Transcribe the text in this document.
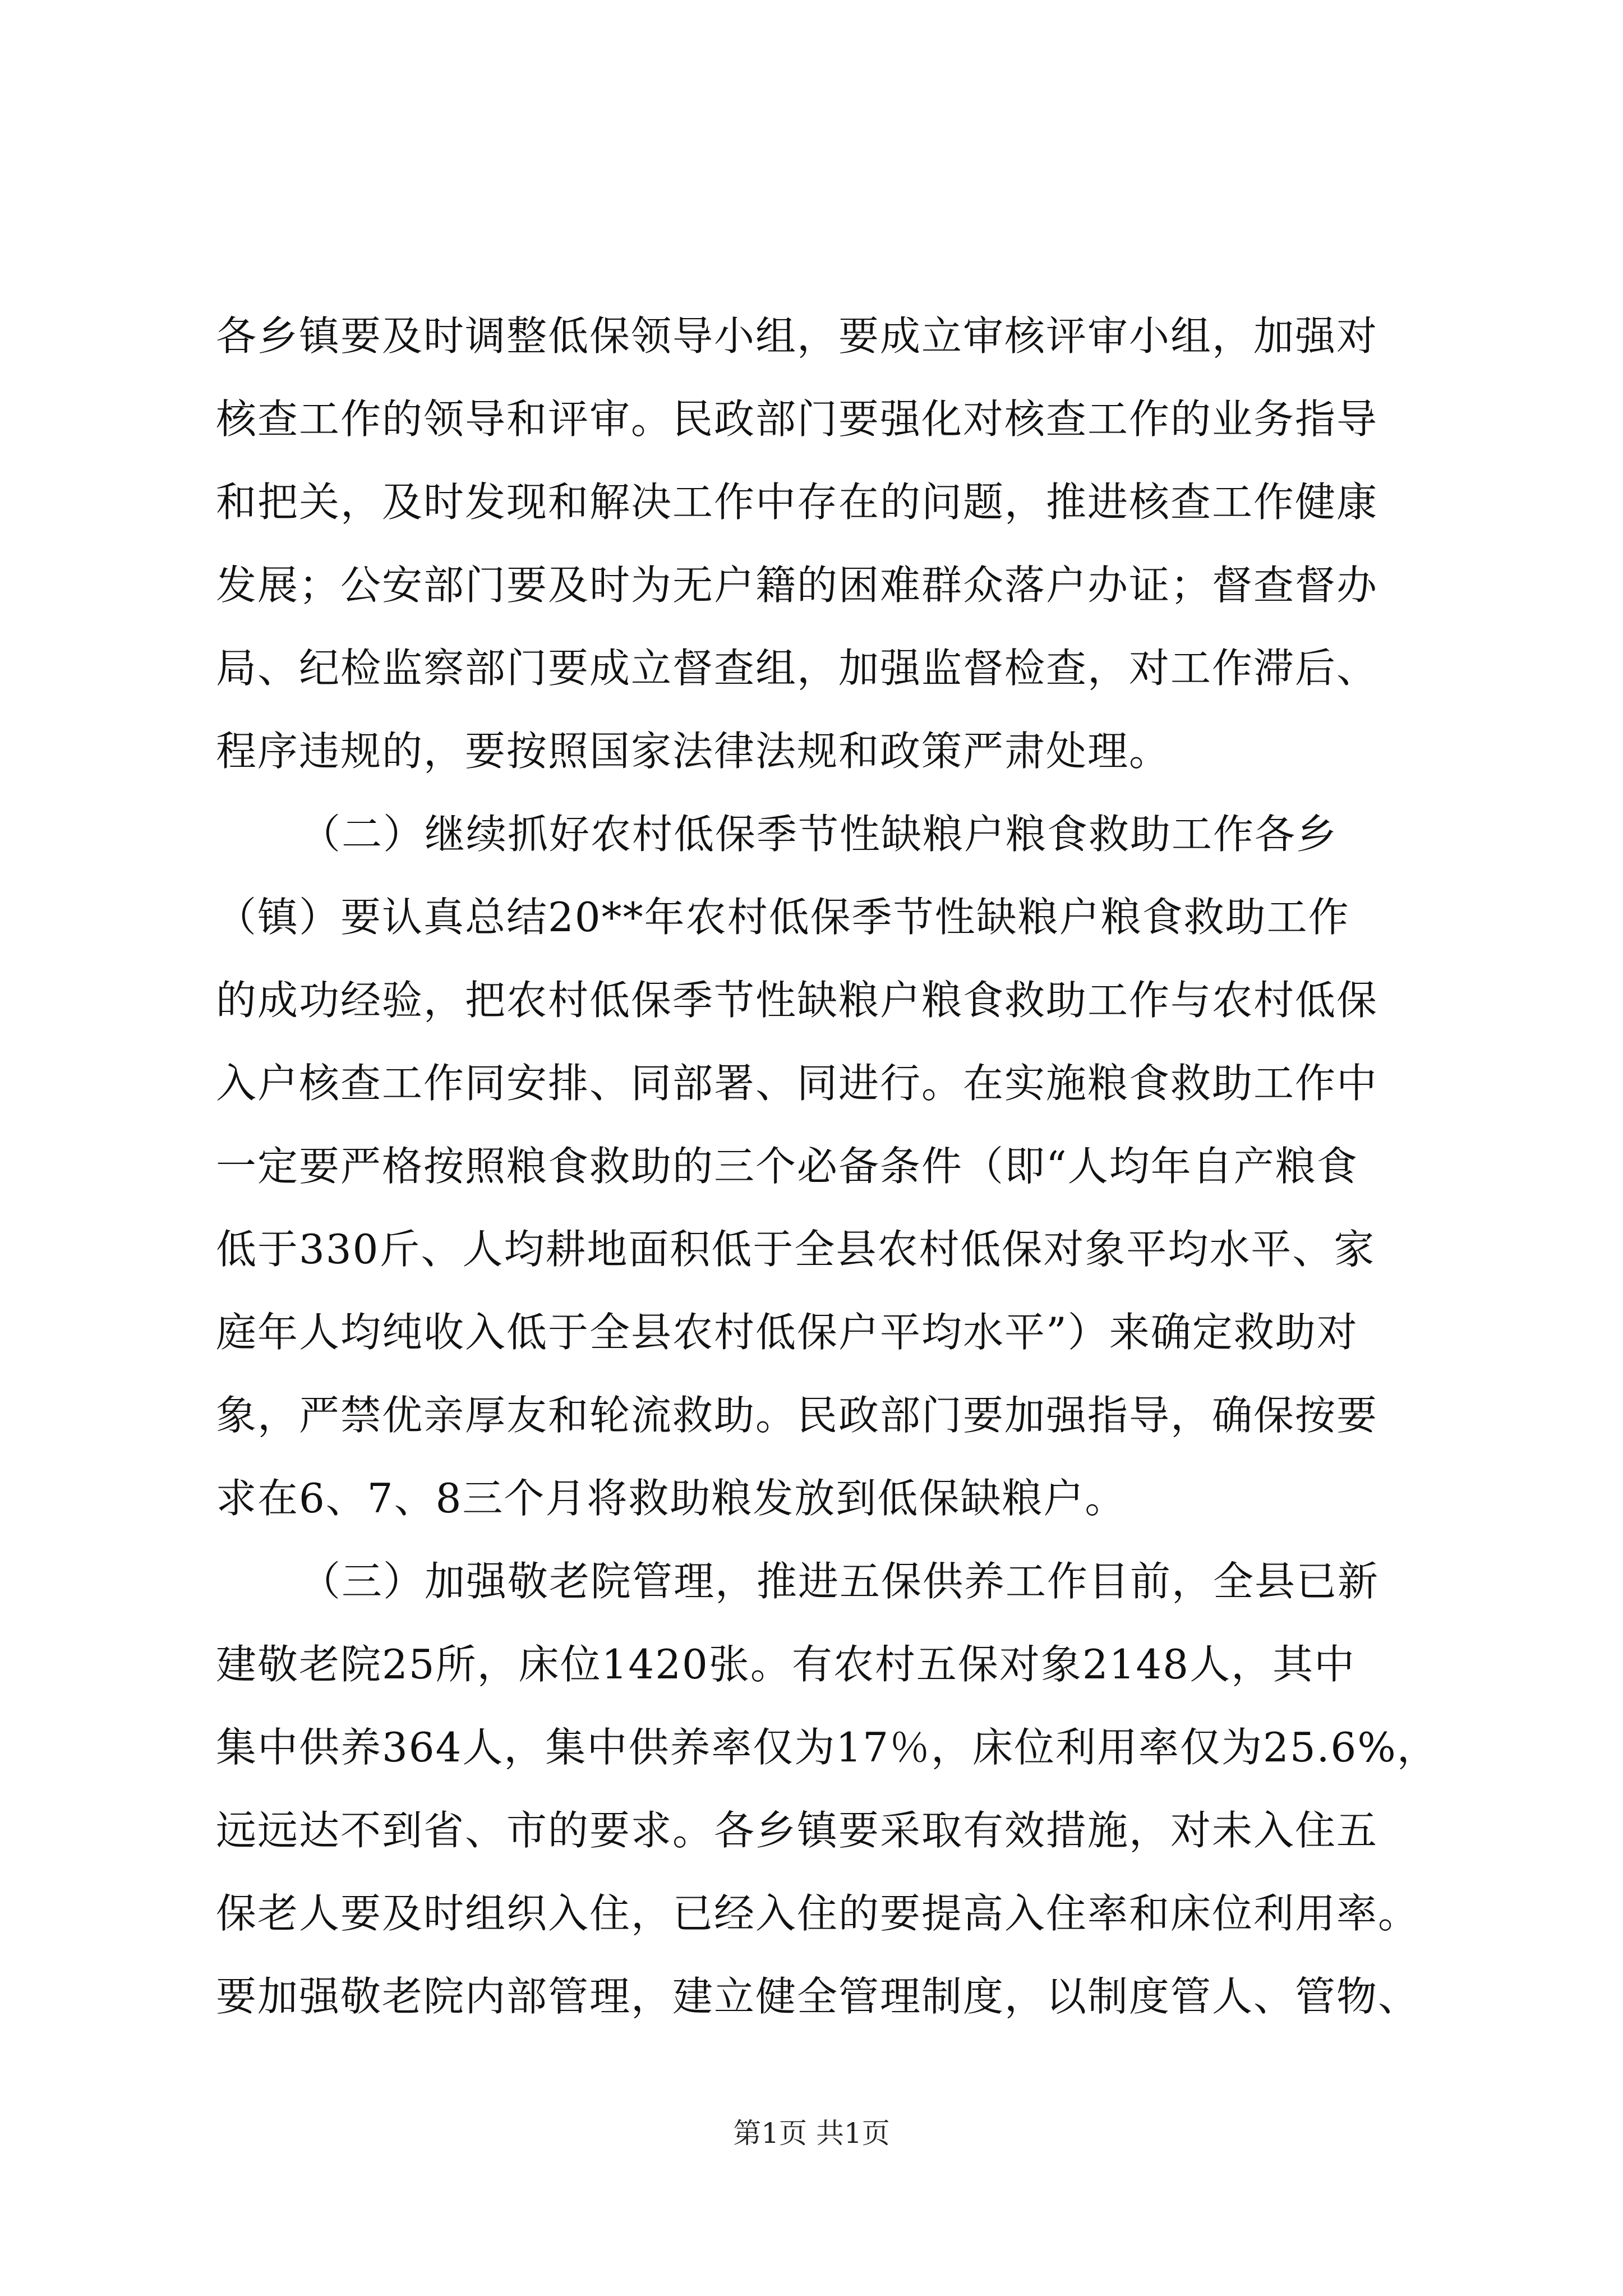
各乡镇要及时调整低保领导小组，要成立审核评审小组，加强对
核查工作的领导和评审。民政部门要强化对核查工作的业务指导
和把关，及时发现和解决工作中存在的问题，推进核查工作健康
发展；公安部门要及时为无户籍的困难群众落户办证；督查督办
局、纪检监察部门要成立督查组，加强监督检查，对工作滞后、
程序违规的，要按照国家法律法规和政策严肃处理。
（二）继续抓好农村低保季节性缺粮户粮食救助工作各乡
（镇）要认真总结20**年农村低保季节性缺粮户粮食救助工作
的成功经验，把农村低保季节性缺粮户粮食救助工作与农村低保
入户核查工作同安排、同部署、同进行。在实施粮食救助工作中
一定要严格按照粮食救助的三个必备条件（即“人均年自产粮食
低于330斤、人均耕地面积低于全县农村低保对象平均水平、家
庭年人均纯收入低于全县农村低保户平均水平”）来确定救助对
象，严禁优亲厚友和轮流救助。民政部门要加强指导，确保按要
求在6、7、8三个月将救助粮发放到低保缺粮户。
（三）加强敬老院管理，推进五保供养工作目前，全县已新
建敬老院25所，床位1420张。有农村五保对象2148人，其中
集中供养364人，集中供养率仅为17％，床位利用率仅为25.6%，
远远达不到省、市的要求。各乡镇要采取有效措施，对未入住五
保老人要及时组织入住，已经入住的要提高入住率和床位利用率。
要加强敬老院内部管理，建立健全管理制度，以制度管人、管物、
第1页 共1页
